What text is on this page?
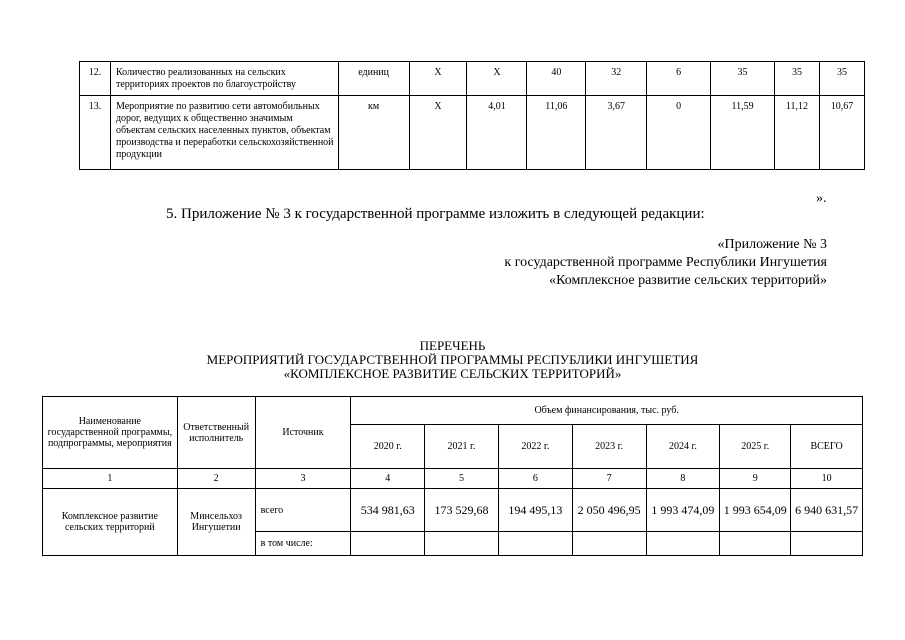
12.	Количество реализованных на сельских территориях проектов по благоустройству	единиц	Х	Х	40	32	6	35	35	35
13.	Мероприятие по развитию сети автомобильных дорог, ведущих к общественно значимым объектам сельских населенных пунктов, объектам производства и переработки сельскохозяйственной продукции	км	Х	4,01	11,06	3,67	0	11,59	11,12	10,67
».
5. Приложение № 3 к государственной программе изложить в следующей редакции:
«Приложение № 3
к государственной программе Республики Ингушетия
«Комплексное развитие сельских территорий»
ПЕРЕЧЕНЬ
МЕРОПРИЯТИЙ ГОСУДАРСТВЕННОЙ ПРОГРАММЫ РЕСПУБЛИКИ ИНГУШЕТИЯ
«КОМПЛЕКСНОЕ РАЗВИТИЕ СЕЛЬСКИХ ТЕРРИТОРИЙ»
Наименование государственной программы, подпрограммы, мероприятия	Ответственный исполнитель	Источник	Объем финансирования, тыс. руб.						
			2020 г.	2021 г.	2022 г.	2023 г.	2024 г.	2025 г.	ВСЕГО
1	2	3	4	5	6	7	8	9	10
Комплексное развитие сельских территорий	Минсельхоз Ингушетии	всего	534 981,63	173 529,68	194 495,13	2 050 496,95	1 993 474,09	1 993 654,09	6 940 631,57
		в том числе:							
